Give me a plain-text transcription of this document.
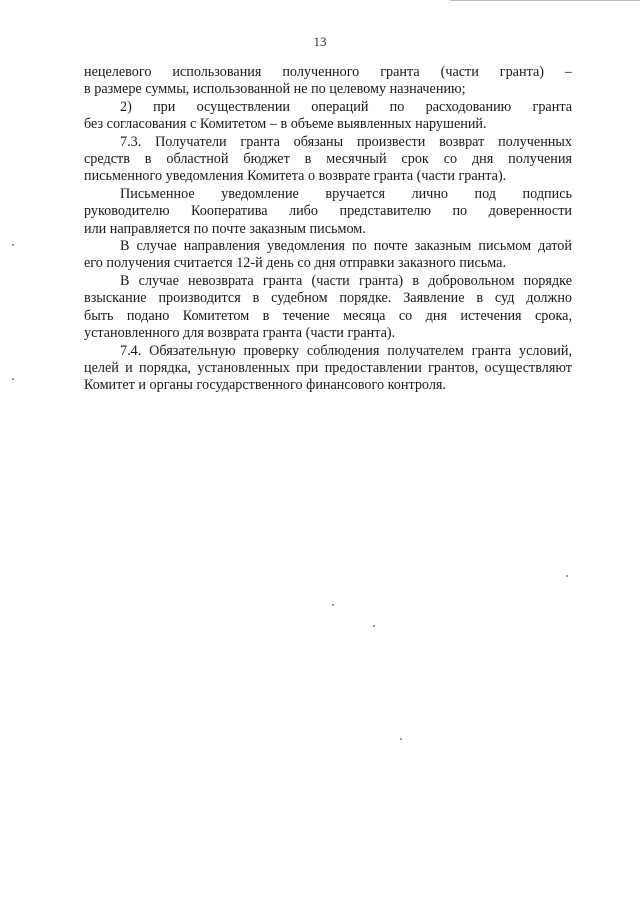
13

нецелевого использования полученного гранта (части гранта) –

в размере суммы, использованной не по целевому назначению;

2) при осуществлении операций по расходованию гранта

без согласования с Комитетом – в объеме выявленных нарушений.

7.3. Получатели гранта обязаны произвести возврат полученных

средств в областной бюджет в месячный срок со дня получения

письменного уведомления Комитета о возврате гранта (части гранта).

Письменное уведомление вручается лично под подпись

руководителю Кооператива либо представителю по доверенности

или направляется по почте заказным письмом.

В случае направления уведомления по почте заказным письмом датой

его получения считается 12-й день со дня отправки заказного письма.

В случае невозврата гранта (части гранта) в добровольном порядке

взыскание производится в судебном порядке. Заявление в суд должно

быть подано Комитетом в течение месяца со дня истечения срока,

установленного для возврата гранта (части гранта).

7.4. Обязательную проверку соблюдения получателем гранта условий,

целей и порядка, установленных при предоставлении грантов, осуществляют

Комитет и органы государственного финансового контроля.
